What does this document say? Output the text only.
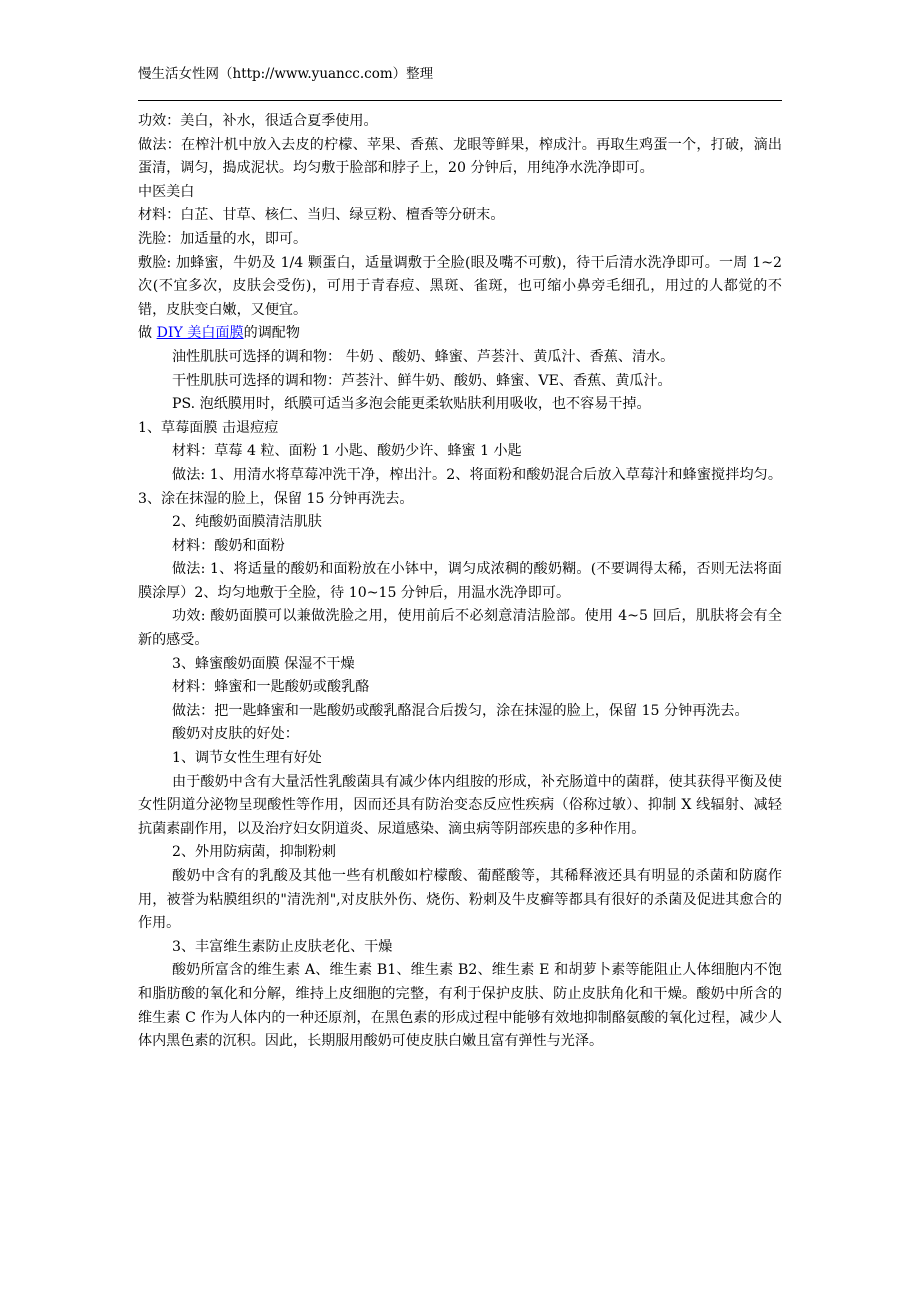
慢生活女性网（http://www.yuancc.com）整理

功效：美白，补水，很适合夏季使用。

做法：在榨汁机中放入去皮的柠檬、苹果、香蕉、龙眼等鲜果，榨成汁。再取生鸡蛋一个，打破，滴出蛋清，调匀，搗成泥状。均匀敷于脸部和脖子上，20 分钟后，用纯净水洗净即可。

中医美白

材料：白芷、甘草、核仁、当归、绿豆粉、檀香等分研末。

洗脸：加适量的水，即可。

敷脸: 加蜂蜜，牛奶及 1/4 颗蛋白，适量调敷于全脸(眼及嘴不可敷)，待干后清水洗净即可。一周 1~2 次(不宜多次，皮肤会受伤)，可用于青春痘、黑斑、雀斑，也可缩小鼻旁毛细孔，用过的人都觉的不错，皮肤变白嫩，又便宜。

做 DIY 美白面膜的调配物

油性肌肤可选择的调和物： 牛奶 、酸奶、蜂蜜、芦荟汁、黄瓜汁、香蕉、清水。

干性肌肤可选择的调和物：芦荟汁、鲜牛奶、酸奶、蜂蜜、VE、香蕉、黄瓜汁。

PS. 泡纸膜用时，纸膜可适当多泡会能更柔软贴肤利用吸收，也不容易干掉。

1、草莓面膜 击退痘痘

材料：草莓 4 粒、面粉 1 小匙、酸奶少许、蜂蜜 1 小匙

做法: 1、用清水将草莓冲洗干净，榨出汁。2、将面粉和酸奶混合后放入草莓汁和蜂蜜搅拌均匀。3、涂在抹湿的脸上，保留 15 分钟再洗去。

2、纯酸奶面膜清洁肌肤

材料：酸奶和面粉

做法: 1、将适量的酸奶和面粉放在小钵中，调匀成浓稠的酸奶糊。(不要调得太稀，否则无法将面膜涂厚）2、均匀地敷于全脸，待 10~15 分钟后，用温水洗净即可。

功效: 酸奶面膜可以兼做洗脸之用，使用前后不必刻意清洁脸部。使用 4~5 回后，肌肤将会有全新的感受。

3、蜂蜜酸奶面膜 保湿不干燥

材料：蜂蜜和一匙酸奶或酸乳酪

做法：把一匙蜂蜜和一匙酸奶或酸乳酪混合后拨匀，涂在抹湿的脸上，保留 15 分钟再洗去。

酸奶对皮肤的好处：

1、调节女性生理有好处

由于酸奶中含有大量活性乳酸菌具有减少体内组胺的形成，补充肠道中的菌群，使其获得平衡及使女性阴道分泌物呈现酸性等作用，因而还具有防治变态反应性疾病（俗称过敏）、抑制 X 线辐射、减轻抗菌素副作用，以及治疗妇女阴道炎、尿道感染、滴虫病等阴部疾患的多种作用。

2、外用防病菌，抑制粉刺

酸奶中含有的乳酸及其他一些有机酸如柠檬酸、葡醛酸等，其稀释液还具有明显的杀菌和防腐作用，被誉为粘膜组织的"清洗剂",对皮肤外伤、烧伤、粉刺及牛皮癣等都具有很好的杀菌及促进其愈合的作用。

3、丰富维生素防止皮肤老化、干燥

酸奶所富含的维生素 A、维生素 B1、维生素 B2、维生素 E 和胡萝卜素等能阻止人体细胞内不饱和脂肪酸的氧化和分解，维持上皮细胞的完整，有利于保护皮肤、防止皮肤角化和干燥。酸奶中所含的维生素 C 作为人体内的一种还原剂，在黑色素的形成过程中能够有效地抑制酪氨酸的氧化过程，减少人体内黑色素的沉积。因此，长期服用酸奶可使皮肤白嫩且富有弹性与光泽。
